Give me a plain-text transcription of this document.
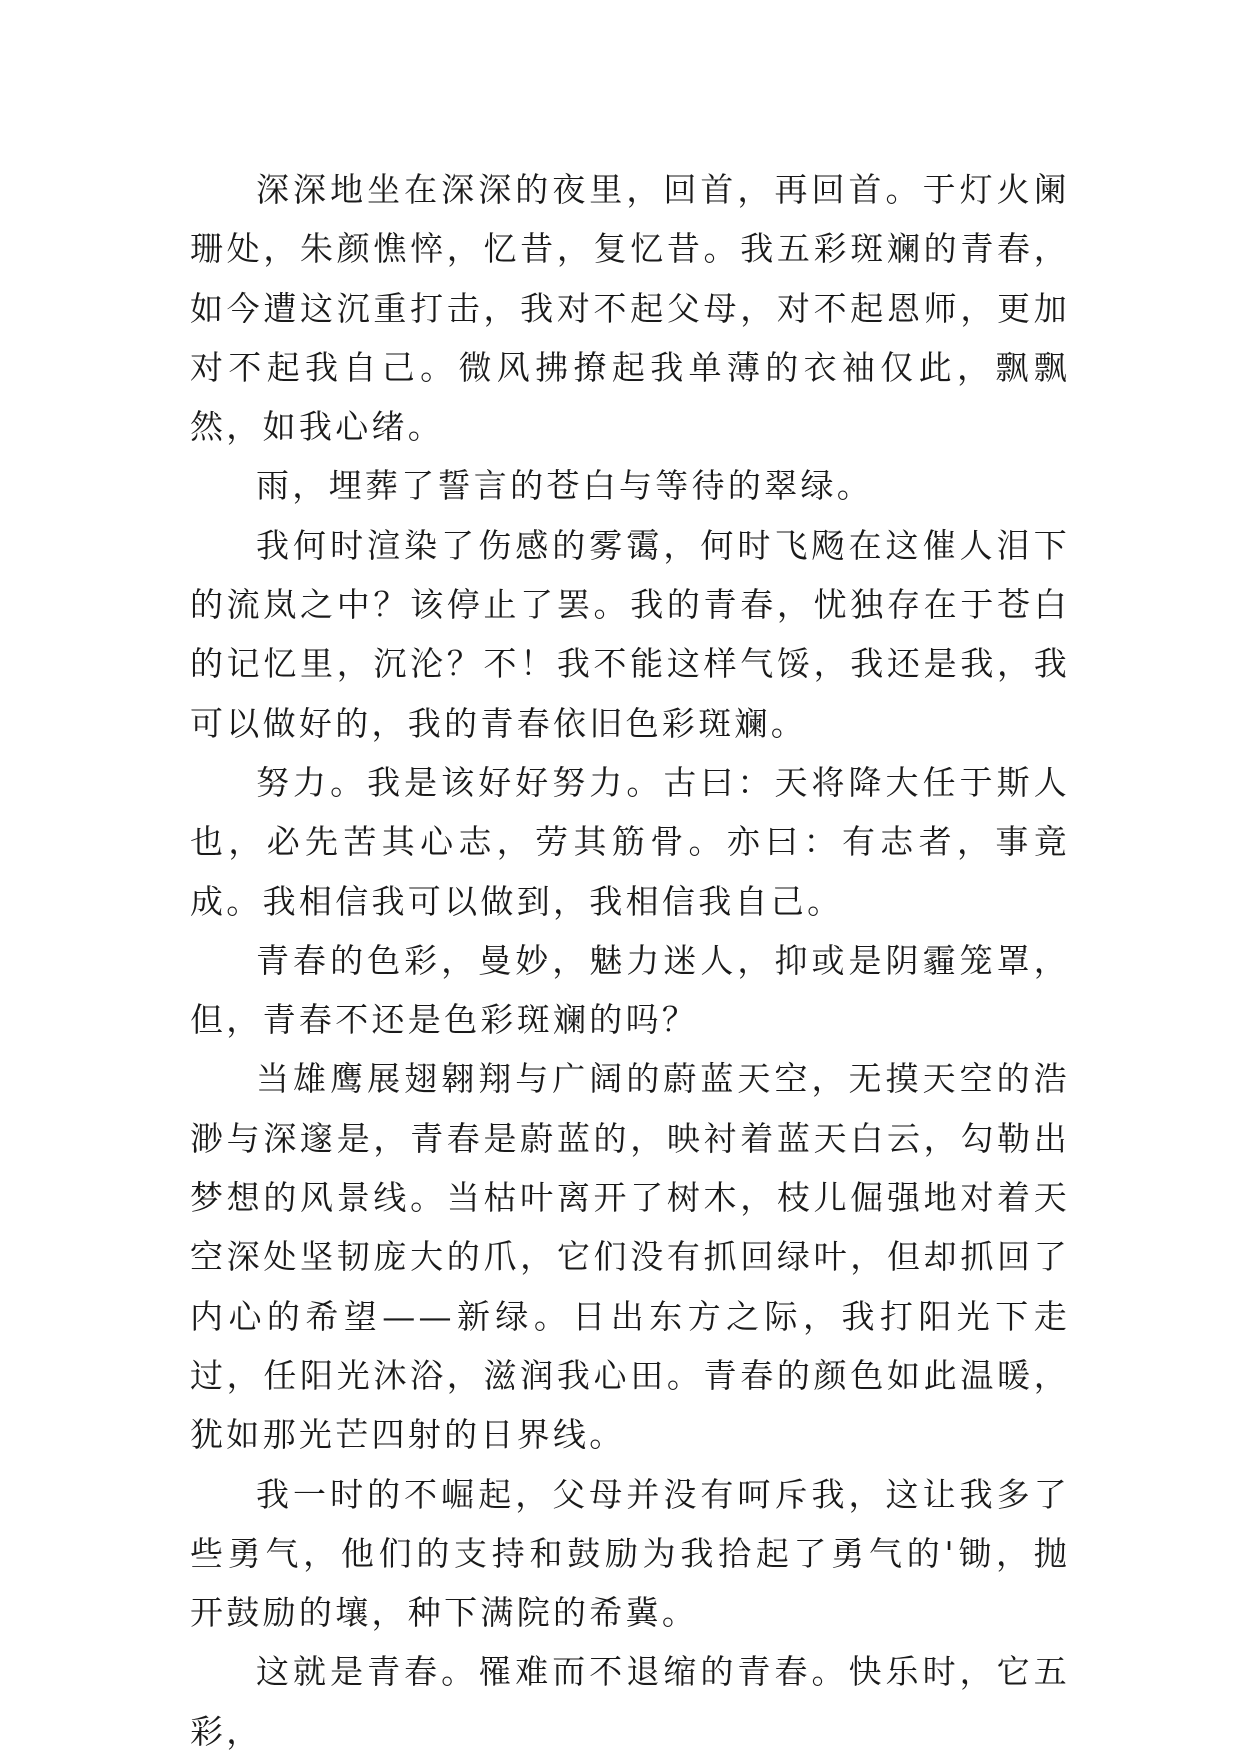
深深地坐在深深的夜里，回首，再回首。于灯火阑珊处，朱颜憔悴，忆昔，复忆昔。我五彩斑斓的青春，如今遭这沉重打击，我对不起父母，对不起恩师，更加对不起我自己。微风拂撩起我单薄的衣袖仅此，飘飘然，如我心绪。

雨，埋葬了誓言的苍白与等待的翠绿。

我何时渲染了伤感的雾霭，何时飞飏在这催人泪下的流岚之中？该停止了罢。我的青春，忧独存在于苍白的记忆里，沉沦？不！我不能这样气馁，我还是我，我可以做好的，我的青春依旧色彩斑斓。

努力。我是该好好努力。古曰：天将降大任于斯人也，必先苦其心志，劳其筋骨。亦曰：有志者，事竟成。我相信我可以做到，我相信我自己。

青春的色彩，曼妙，魅力迷人，抑或是阴霾笼罩，但，青春不还是色彩斑斓的吗？

当雄鹰展翅翱翔与广阔的蔚蓝天空，无摸天空的浩渺与深邃是，青春是蔚蓝的，映衬着蓝天白云，勾勒出梦想的风景线。当枯叶离开了树木，枝儿倔强地对着天空深处坚韧庞大的爪，它们没有抓回绿叶，但却抓回了内心的希望——新绿。日出东方之际，我打阳光下走过，任阳光沐浴，滋润我心田。青春的颜色如此温暖，犹如那光芒四射的日界线。

我一时的不崛起，父母并没有呵斥我，这让我多了些勇气，他们的支持和鼓励为我拾起了勇气的'锄，抛开鼓励的壤，种下满院的希冀。

这就是青春。罹难而不退缩的青春。快乐时，它五彩，
